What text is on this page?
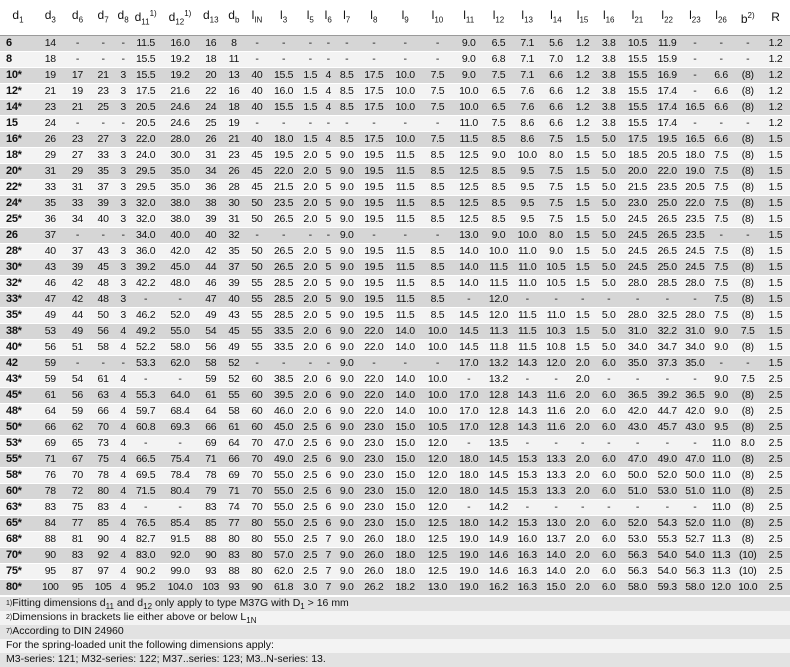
$d_1$	$d_3$	$d_6$	$d_7$	$d_8$	$d_{11}^{1)}$	$d_{12}^{1)}$	$d_{13}$	$d_b$	$l_{IN}$	$l_3$	$l_5$	$l_6$	$l_7$	$l_8$	$l_9$	$l_{10}$	$l_{11}$	$l_{12}$	$l_{13}$	$l_{14}$	$l_{15}$	$l_{16}$	$l_{21}$	$l_{22}$	$l_{23}$	$l_{26}$	$b^{2)}$	R
6	14	-	-	-	11.5	16.0	16	8	-	-	-	-	-	-	-	-	9.0	6.5	7.1	5.6	1.2	3.8	10.5	11.9	-	-	-	1.2
8	18	-	-	-	15.5	19.2	18	11	-	-	-	-	-	-	-	-	9.0	6.8	7.1	7.0	1.2	3.8	15.5	15.9	-	-	-	1.2
10*	19	17	21	3	15.5	19.2	20	13	40	15.5	1.5	4	8.5	17.5	10.0	7.5	9.0	7.5	7.1	6.6	1.2	3.8	15.5	16.9	-	6.6	(8)	1.2
12*	21	19	23	3	17.5	21.6	22	16	40	16.0	1.5	4	8.5	17.5	10.0	7.5	10.0	6.5	7.6	6.6	1.2	3.8	15.5	17.4	-	6.6	(8)	1.2
14*	23	21	25	3	20.5	24.6	24	18	40	15.5	1.5	4	8.5	17.5	10.0	7.5	10.0	6.5	7.6	6.6	1.2	3.8	15.5	17.4	16.5	6.6	(8)	1.2
15	24	-	-	-	20.5	24.6	25	19	-	-	-	-	-	-	-	-	11.0	7.5	8.6	6.6	1.2	3.8	15.5	17.4	-	-	-	1.2
16*	26	23	27	3	22.0	28.0	26	21	40	18.0	1.5	4	8.5	17.5	10.0	7.5	11.5	8.5	8.6	7.5	1.5	5.0	17.5	19.5	16.5	6.6	(8)	1.5
18*	29	27	33	3	24.0	30.0	31	23	45	19.5	2.0	5	9.0	19.5	11.5	8.5	12.5	9.0	10.0	8.0	1.5	5.0	18.5	20.5	18.0	7.5	(8)	1.5
20*	31	29	35	3	29.5	35.0	34	26	45	22.0	2.0	5	9.0	19.5	11.5	8.5	12.5	8.5	9.5	7.5	1.5	5.0	20.0	22.0	19.0	7.5	(8)	1.5
22*	33	31	37	3	29.5	35.0	36	28	45	21.5	2.0	5	9.0	19.5	11.5	8.5	12.5	8.5	9.5	7.5	1.5	5.0	21.5	23.5	20.5	7.5	(8)	1.5
24*	35	33	39	3	32.0	38.0	38	30	50	23.5	2.0	5	9.0	19.5	11.5	8.5	12.5	8.5	9.5	7.5	1.5	5.0	23.0	25.0	22.0	7.5	(8)	1.5
25*	36	34	40	3	32.0	38.0	39	31	50	26.5	2.0	5	9.0	19.5	11.5	8.5	12.5	8.5	9.5	7.5	1.5	5.0	24.5	26.5	23.5	7.5	(8)	1.5
26	37	-	-	-	34.0	40.0	40	32	-	-	-	-	9.0	-	-	-	13.0	9.0	10.0	8.0	1.5	5.0	24.5	26.5	23.5	-	-	1.5
28*	40	37	43	3	36.0	42.0	42	35	50	26.5	2.0	5	9.0	19.5	11.5	8.5	14.0	10.0	11.0	9.0	1.5	5.0	24.5	26.5	24.5	7.5	(8)	1.5
30*	43	39	45	3	39.2	45.0	44	37	50	26.5	2.0	5	9.0	19.5	11.5	8.5	14.0	11.5	11.0	10.5	1.5	5.0	24.5	25.0	24.5	7.5	(8)	1.5
32*	46	42	48	3	42.2	48.0	46	39	55	28.5	2.0	5	9.0	19.5	11.5	8.5	14.0	11.5	11.0	10.5	1.5	5.0	28.0	28.5	28.0	7.5	(8)	1.5
33*	47	42	48	3	-	-	47	40	55	28.5	2.0	5	9.0	19.5	11.5	8.5	-	12.0	-	-	-	-	-	-	-	7.5	(8)	1.5
35*	49	44	50	3	46.2	52.0	49	43	55	28.5	2.0	5	9.0	19.5	11.5	8.5	14.5	12.0	11.5	11.0	1.5	5.0	28.0	32.5	28.0	7.5	(8)	1.5
38*	53	49	56	4	49.2	55.0	54	45	55	33.5	2.0	6	9.0	22.0	14.0	10.0	14.5	11.3	11.5	10.3	1.5	5.0	31.0	32.2	31.0	9.0	7.5	1.5
40*	56	51	58	4	52.2	58.0	56	49	55	33.5	2.0	6	9.0	22.0	14.0	10.0	14.5	11.8	11.5	10.8	1.5	5.0	34.0	34.7	34.0	9.0	(8)	1.5
42	59	-	-	-	53.3	62.0	58	52	-	-	-	-	9.0	-	-	-	17.0	13.2	14.3	12.0	2.0	6.0	35.0	37.3	35.0	-	-	1.5
43*	59	54	61	4	-	-	59	52	60	38.5	2.0	6	9.0	22.0	14.0	10.0	-	13.2	-	-	2.0	-	-	-	-	9.0	7.5	2.5
45*	61	56	63	4	55.3	64.0	61	55	60	39.5	2.0	6	9.0	22.0	14.0	10.0	17.0	12.8	14.3	11.6	2.0	6.0	36.5	39.2	36.5	9.0	(8)	2.5
48*	64	59	66	4	59.7	68.4	64	58	60	46.0	2.0	6	9.0	22.0	14.0	10.0	17.0	12.8	14.3	11.6	2.0	6.0	42.0	44.7	42.0	9.0	(8)	2.5
50*	66	62	70	4	60.8	69.3	66	61	60	45.0	2.5	6	9.0	23.0	15.0	10.5	17.0	12.8	14.3	11.6	2.0	6.0	43.0	45.7	43.0	9.5	(8)	2.5
53*	69	65	73	4	-	-	69	64	70	47.0	2.5	6	9.0	23.0	15.0	12.0	-	13.5	-	-	-	-	-	-	-	11.0	8.0	2.5
55*	71	67	75	4	66.5	75.4	71	66	70	49.0	2.5	6	9.0	23.0	15.0	12.0	18.0	14.5	15.3	13.3	2.0	6.0	47.0	49.0	47.0	11.0	(8)	2.5
58*	76	70	78	4	69.5	78.4	78	69	70	55.0	2.5	6	9.0	23.0	15.0	12.0	18.0	14.5	15.3	13.3	2.0	6.0	50.0	52.0	50.0	11.0	(8)	2.5
60*	78	72	80	4	71.5	80.4	79	71	70	55.0	2.5	6	9.0	23.0	15.0	12.0	18.0	14.5	15.3	13.3	2.0	6.0	51.0	53.0	51.0	11.0	(8)	2.5
63*	83	75	83	4	-	-	83	74	70	55.0	2.5	6	9.0	23.0	15.0	12.0	-	14.2	-	-	-	-	-	-	-	11.0	(8)	2.5
65*	84	77	85	4	76.5	85.4	85	77	80	55.0	2.5	6	9.0	23.0	15.0	12.5	18.0	14.2	15.3	13.0	2.0	6.0	52.0	54.3	52.0	11.0	(8)	2.5
68*	88	81	90	4	82.7	91.5	88	80	80	55.0	2.5	7	9.0	26.0	18.0	12.5	19.0	14.9	16.0	13.7	2.0	6.0	53.0	55.3	52.7	11.3	(8)	2.5
70*	90	83	92	4	83.0	92.0	90	83	80	57.0	2.5	7	9.0	26.0	18.0	12.5	19.0	14.6	16.3	14.0	2.0	6.0	56.3	54.0	54.0	11.3	(10)	2.5
75*	95	87	97	4	90.2	99.0	93	88	80	62.0	2.5	7	9.0	26.0	18.0	12.5	19.0	14.6	16.3	14.0	2.0	6.0	56.3	54.0	56.3	11.3	(10)	2.5
80*	100	95	105	4	95.2	104.0	103	93	90	61.8	3.0	7	9.0	26.2	18.2	13.0	19.0	16.2	16.3	15.0	2.0	6.0	58.0	59.3	58.0	12.0	10.0	2.5
$^{1)}$Fitting dimensions $d_{11}$ and $d_{12}$ only apply to type M37G with $D_1 > 16$ mm
$^{2)}$Dimensions in brackets lie either above or below $L_{1N}$
$^{7)}$According to DIN 24960
For the spring-loaded unit the following dimensions apply:
M3-series: 121; M32-series: 122; M37..series: 123; M3..N-series: 13.
